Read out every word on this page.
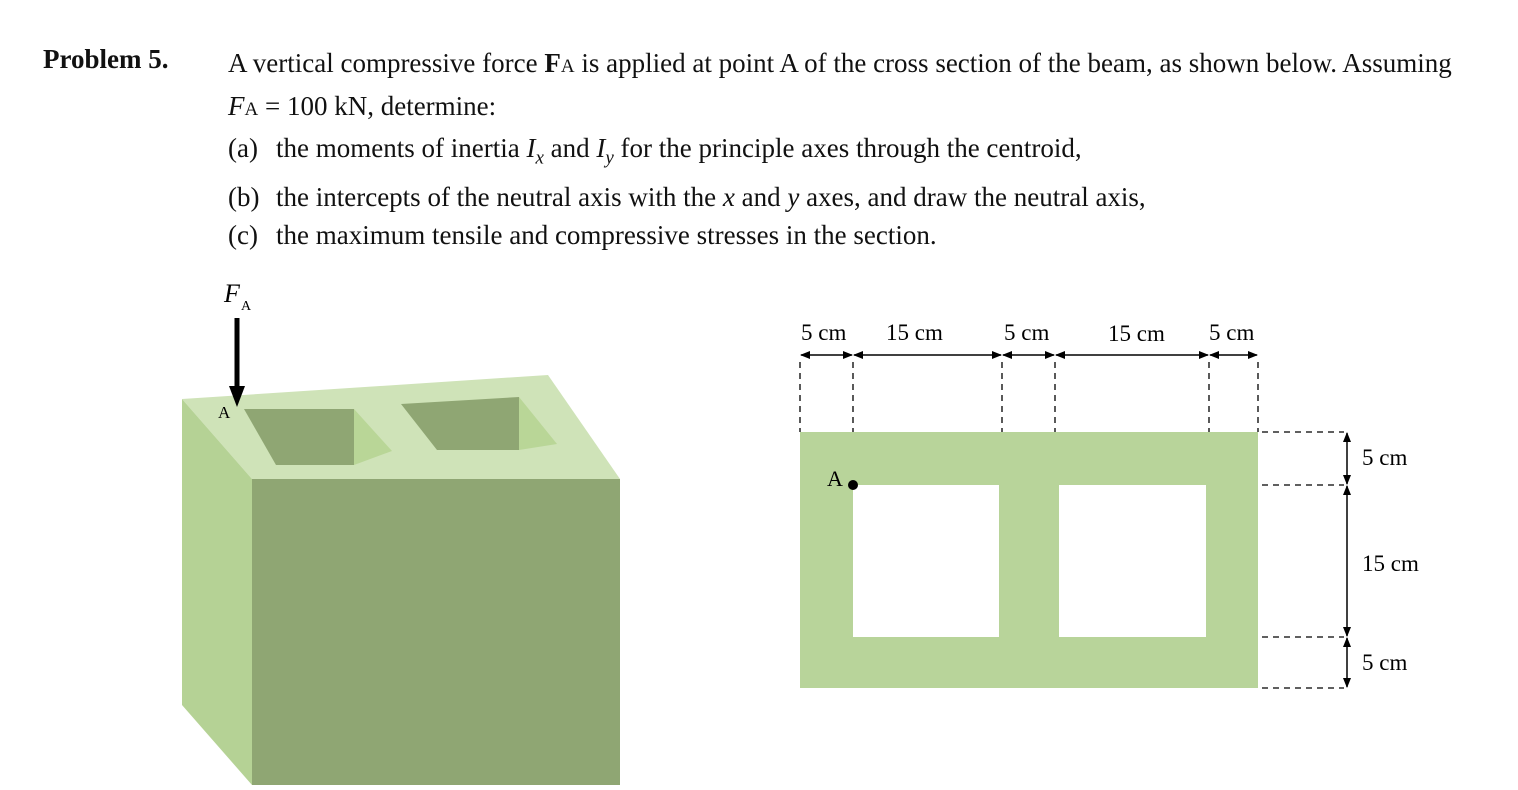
Problem 5. A vertical compressive force FA is applied at point A of the cross section of the beam, as shown below. Assuming FA = 100 kN, determine:

(a) the moments of inertia $I_x$ and $I_y$ for the principle axes through the centroid,
(b) the intercepts of the neutral axis with the x and y axes, and draw the neutral axis,
(c) the maximum tensile and compressive stresses in the section.
F A
A
A
5 cm 15 cm	5 cm	15 cm 5 cm
5 cm
15 cm
5 cm
